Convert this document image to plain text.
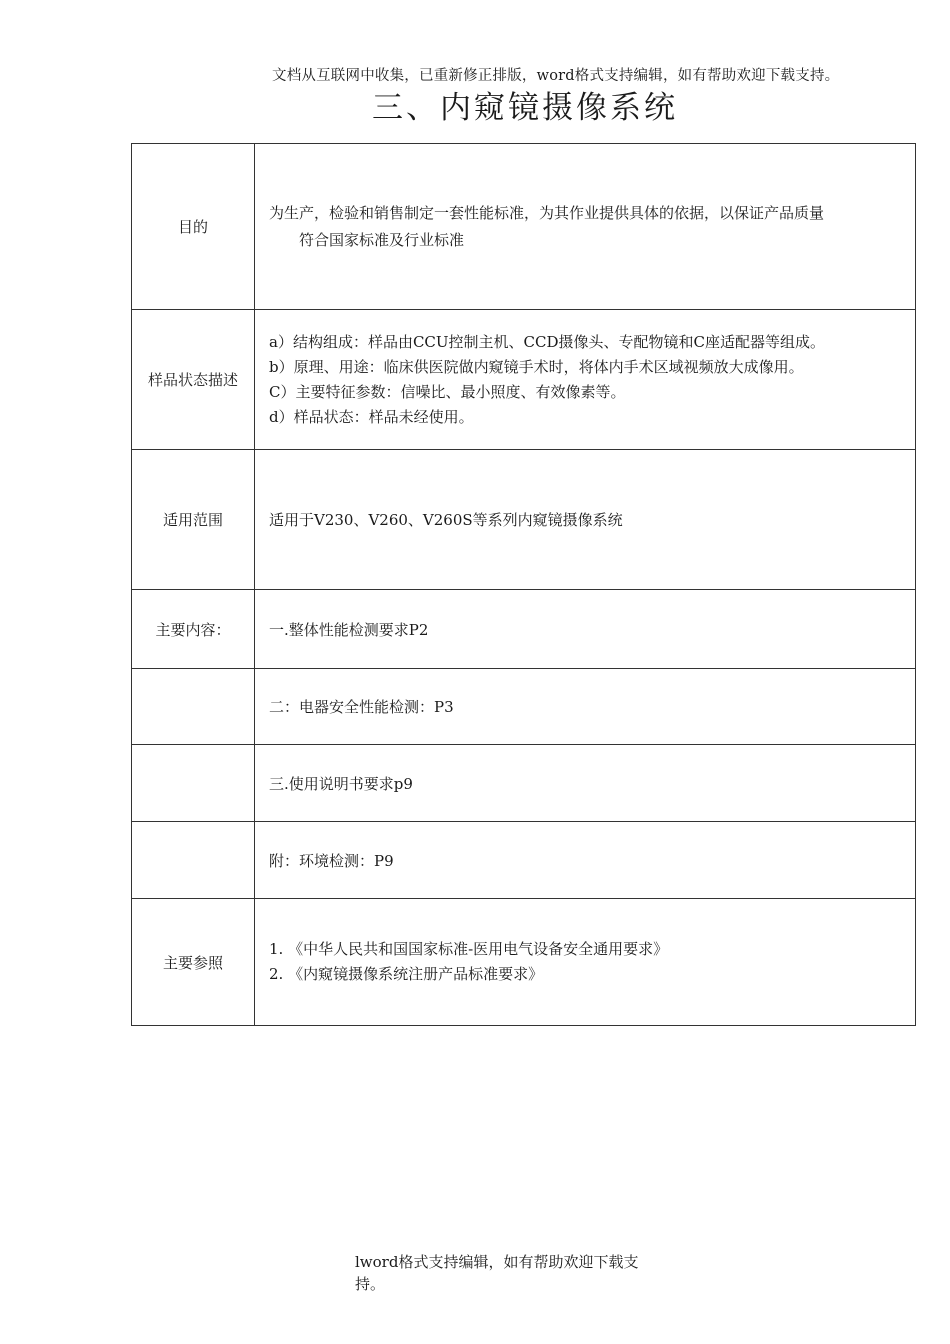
文档从互联网中收集，已重新修正排版，word格式支持编辑，如有帮助欢迎下载支持。
三、内窥镜摄像系统
目的	为生产，检验和销售制定一套性能标准，为其作业提供具体的依据，以保证产品质量
符合国家标准及行业标准

样品状态描述	a）结构组成：样品由CCU控制主机、CCD摄像头、专配物镜和C座适配器等组成。
b）原理、用途：临床供医院做内窥镜手术时，将体内手术区域视频放大成像用。
C）主要特征参数：信噪比、最小照度、有效像素等。
d）样品状态：样品未经使用。

适用范围	适用于V230、V260、V260S等系列内窥镜摄像系统
主要内容：	一.整体性能检测要求P2
	二：电器安全性能检测：P3
	三.使用说明书要求p9
	附：环境检测：P9
主要参照	1. 《中华人民共和国国家标准-医用电气设备安全通用要求》
2. 《内窥镜摄像系统注册产品标准要求》
lword格式支持编辑，如有帮助欢迎下载支
持。
